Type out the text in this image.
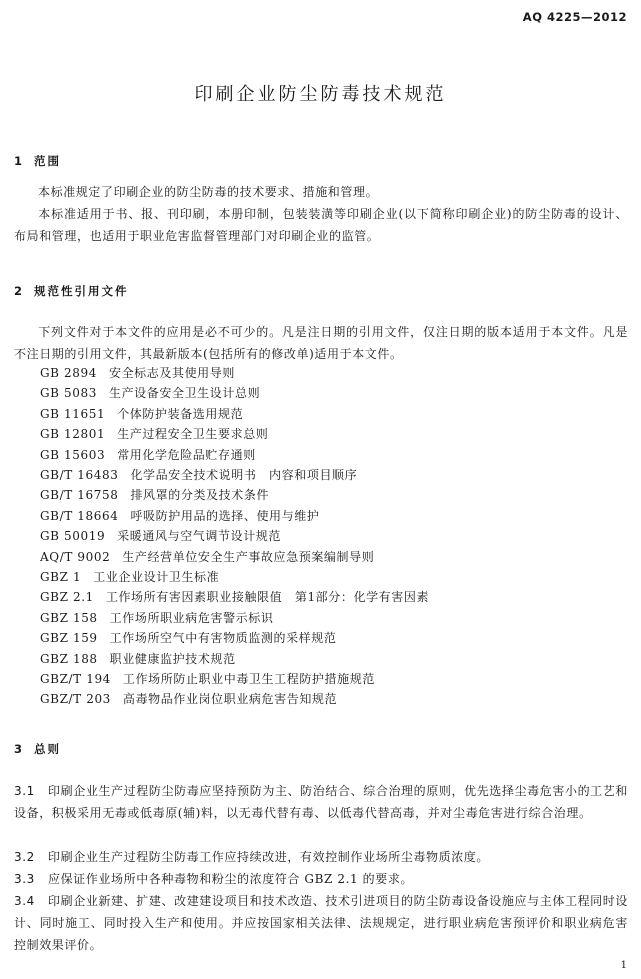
AQ 4225—2012
印刷企业防尘防毒技术规范
1 范围
本标准规定了印刷企业的防尘防毒的技术要求、措施和管理。
本标准适用于书、报、刊印刷，本册印制，包装装潢等印刷企业(以下简称印刷企业)的防尘防毒的设计、布局和管理，也适用于职业危害监督管理部门对印刷企业的监管。
2 规范性引用文件
下列文件对于本文件的应用是必不可少的。凡是注日期的引用文件，仅注日期的版本适用于本文件。凡是不注日期的引用文件，其最新版本(包括所有的修改单)适用于本文件。
GB 2894 安全标志及其使用导则
GB 5083 生产设备安全卫生设计总则
GB 11651 个体防护装备选用规范
GB 12801 生产过程安全卫生要求总则
GB 15603 常用化学危险品贮存通则
GB/T 16483 化学品安全技术说明书　内容和项目顺序
GB/T 16758 排风罩的分类及技术条件
GB/T 18664 呼吸防护用品的选择、使用与维护
GB 50019 采暖通风与空气调节设计规范
AQ/T 9002 生产经营单位安全生产事故应急预案编制导则
GBZ 1 工业企业设计卫生标准
GBZ 2.1 工作场所有害因素职业接触限值　第1部分：化学有害因素
GBZ 158 工作场所职业病危害警示标识
GBZ 159 工作场所空气中有害物质监测的采样规范
GBZ 188 职业健康监护技术规范
GBZ/T 194 工作场所防止职业中毒卫生工程防护措施规范
GBZ/T 203 高毒物品作业岗位职业病危害告知规范
3 总则
3.1 印刷企业生产过程防尘防毒应坚持预防为主、防治结合、综合治理的原则，优先选择尘毒危害小的工艺和设备，积极采用无毒或低毒原(辅)料，以无毒代替有毒、以低毒代替高毒，并对尘毒危害进行综合治理。
3.2 印刷企业生产过程防尘防毒工作应持续改进，有效控制作业场所尘毒物质浓度。
3.3 应保证作业场所中各种毒物和粉尘的浓度符合 GBZ 2.1 的要求。
3.4 印刷企业新建、扩建、改建建设项目和技术改造、技术引进项目的防尘防毒设备设施应与主体工程同时设计、同时施工、同时投入生产和使用。并应按国家相关法律、法规规定，进行职业病危害预评价和职业病危害控制效果评价。
1
